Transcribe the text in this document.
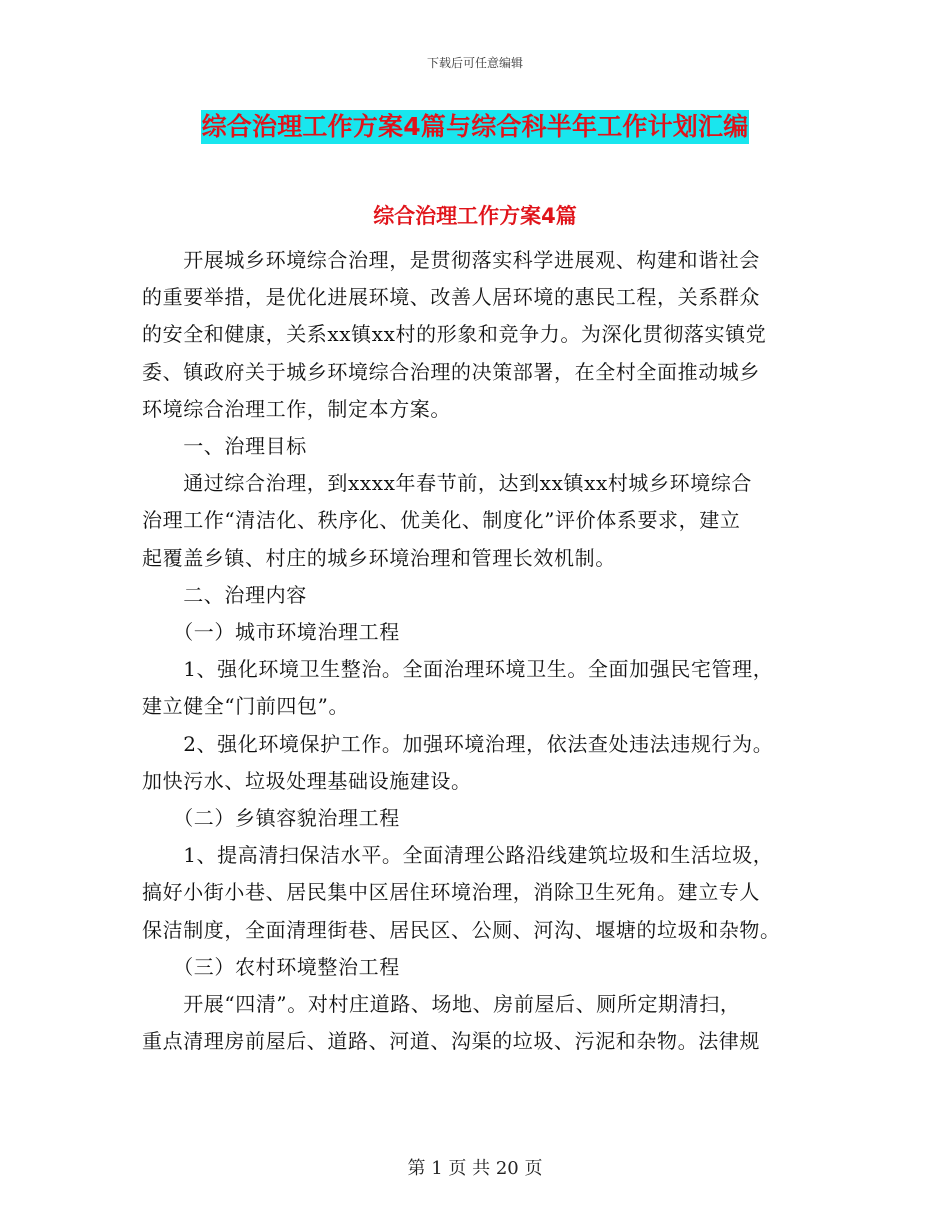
下载后可任意编辑
综合治理工作方案4篇与综合科半年工作计划汇编
综合治理工作方案4篇

　　开展城乡环境综合治理，是贯彻落实科学进展观、构建和谐社会

的重要举措，是优化进展环境、改善人居环境的惠民工程，关系群众

的安全和健康，关系xx镇xx村的形象和竞争力。为深化贯彻落实镇党

委、镇政府关于城乡环境综合治理的决策部署，在全村全面推动城乡

环境综合治理工作，制定本方案。

　　一、治理目标

　　通过综合治理，到xxxx年春节前，达到xx镇xx村城乡环境综合

治理工作“清洁化、秩序化、优美化、制度化”评价体系要求，建立

起覆盖乡镇、村庄的城乡环境治理和管理长效机制。

　　二、治理内容

　　（一）城市环境治理工程

　　1、强化环境卫生整治。全面治理环境卫生。全面加强民宅管理，

建立健全“门前四包”。

　　2、强化环境保护工作。加强环境治理，依法查处违法违规行为。

加快污水、垃圾处理基础设施建设。

　　（二）乡镇容貌治理工程

　　1、提高清扫保洁水平。全面清理公路沿线建筑垃圾和生活垃圾，

搞好小街小巷、居民集中区居住环境治理，消除卫生死角。建立专人

保洁制度，全面清理街巷、居民区、公厕、河沟、堰塘的垃圾和杂物。

　　（三）农村环境整治工程

　　开展“四清”。对村庄道路、场地、房前屋后、厕所定期清扫，

重点清理房前屋后、道路、河道、沟渠的垃圾、污泥和杂物。法律规

第 1 页 共 20 页
